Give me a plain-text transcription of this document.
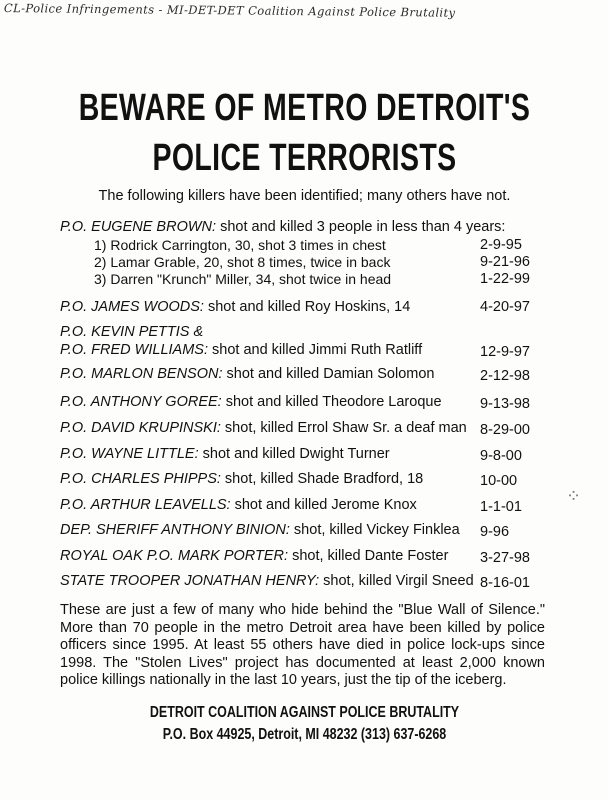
CL-Police Infringements - MI-DET-DET Coalition Against Police Brutality
BEWARE OF METRO DETROIT'S
POLICE TERRORISTS
The following killers have been identified; many others have not.
P.O. EUGENE BROWN: shot and killed 3 people in less than 4 years:
1) Rodrick Carrington, 30, shot 3 times in chest	2-9-95
2) Lamar Grable, 20, shot 8 times, twice in back	9-21-96
3) Darren "Krunch" Miller, 34, shot twice in head	1-22-99
P.O. JAMES WOODS: shot and killed Roy Hoskins, 14	4-20-97
P.O. KEVIN PETTIS &
P.O. FRED WILLIAMS: shot and killed Jimmi Ruth Ratliff	12-9-97
P.O. MARLON BENSON: shot and killed Damian Solomon	2-12-98
P.O. ANTHONY GOREE: shot and killed Theodore Laroque	9-13-98
P.O. DAVID KRUPINSKI: shot, killed Errol Shaw Sr. a deaf man 8-29-00
P.O. WAYNE LITTLE: shot and killed Dwight Turner	9-8-00
P.O. CHARLES PHIPPS: shot, killed Shade Bradford, 18	10-00
P.O. ARTHUR LEAVELLS: shot and killed Jerome Knox	1-1-01
DEP. SHERIFF ANTHONY BINION: shot, killed Vickey Finklea	9-96
ROYAL OAK P.O. MARK PORTER: shot, killed Dante Foster	3-27-98
STATE TROOPER JONATHAN HENRY: shot, killed Virgil Sneed 8-16-01
These are just a few of many who hide behind the "Blue Wall of Silence." More than 70 people in the metro Detroit area have been killed by police officers since 1995. At least 55 others have died in police lock-ups since 1998. The "Stolen Lives" project has documented at least 2,000 known police killings nationally in the last 10 years, just the tip of the iceberg.
DETROIT COALITION AGAINST POLICE BRUTALITY
P.O. Box 44925, Detroit, MI 48232 (313) 637-6268
⁘
